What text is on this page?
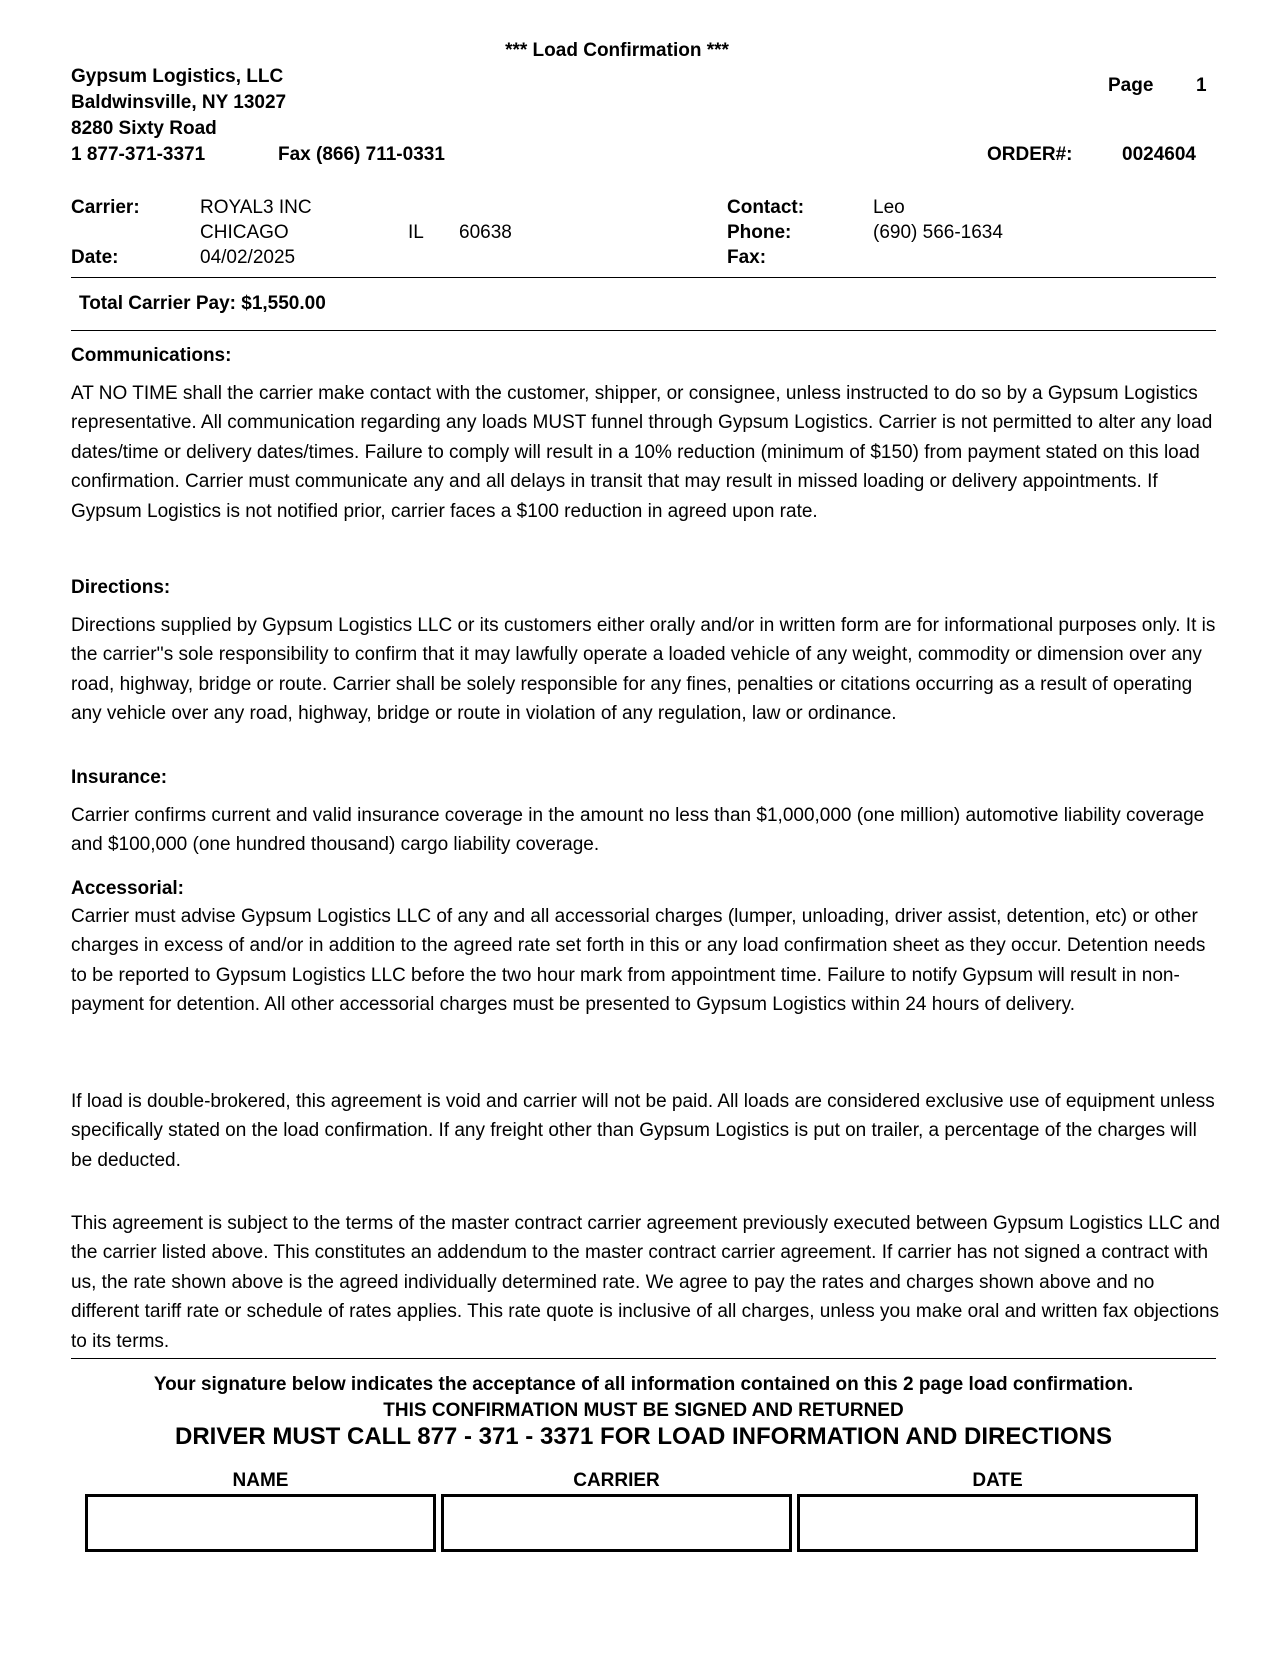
*** Load Confirmation ***
Gypsum Logistics, LLC
Baldwinsville, NY 13027
8280 Sixty Road
1 877-371-3371	Fax (866) 711-0331
Page 1
ORDER#:	0024604
Carrier:	ROYAL3 INC
CHICAGO	IL 60638
Date:	04/02/2025
Contact:	Leo
Phone:	(690) 566-1634
Fax:
Total Carrier Pay: $1,550.00
Communications:
AT NO TIME shall the carrier make contact with the customer, shipper, or consignee, unless instructed to do so by a Gypsum Logistics representative. All communication regarding any loads MUST funnel through Gypsum Logistics. Carrier is not permitted to alter any load dates/time or delivery dates/times. Failure to comply will result in a 10% reduction (minimum of $150) from payment stated on this load confirmation. Carrier must communicate any and all delays in transit that may result in missed loading or delivery appointments. If Gypsum Logistics is not notified prior, carrier faces a $100 reduction in agreed upon rate.
Directions:
Directions supplied by Gypsum Logistics LLC or its customers either orally and/or in written form are for informational purposes only. It is the carrier''s sole responsibility to confirm that it may lawfully operate a loaded vehicle of any weight, commodity or dimension over any road, highway, bridge or route. Carrier shall be solely responsible for any fines, penalties or citations occurring as a result of operating any vehicle over any road, highway, bridge or route in violation of any regulation, law or ordinance.
Insurance:
Carrier confirms current and valid insurance coverage in the amount no less than $1,000,000 (one million) automotive liability coverage and $100,000 (one hundred thousand) cargo liability coverage.
Accessorial:
Carrier must advise Gypsum Logistics LLC of any and all accessorial charges (lumper, unloading, driver assist, detention, etc) or other charges in excess of and/or in addition to the agreed rate set forth in this or any load confirmation sheet as they occur. Detention needs to be reported to Gypsum Logistics LLC before the two hour mark from appointment time. Failure to notify Gypsum will result in non-payment for detention. All other accessorial charges must be presented to Gypsum Logistics within 24 hours of delivery.
If load is double-brokered, this agreement is void and carrier will not be paid. All loads are considered exclusive use of equipment unless specifically stated on the load confirmation. If any freight other than Gypsum Logistics is put on trailer, a percentage of the charges will be deducted.
This agreement is subject to the terms of the master contract carrier agreement previously executed between Gypsum Logistics LLC and the carrier listed above. This constitutes an addendum to the master contract carrier agreement. If carrier has not signed a contract with us, the rate shown above is the agreed individually determined rate. We agree to pay the rates and charges shown above and no different tariff rate or schedule of rates applies. This rate quote is inclusive of all charges, unless you make oral and written fax objections to its terms.
Your signature below indicates the acceptance of all information contained on this 2 page load confirmation.
THIS CONFIRMATION MUST BE SIGNED AND RETURNED
DRIVER MUST CALL 877 - 371 - 3371 FOR LOAD INFORMATION AND DIRECTIONS
NAME	CARRIER	DATE
